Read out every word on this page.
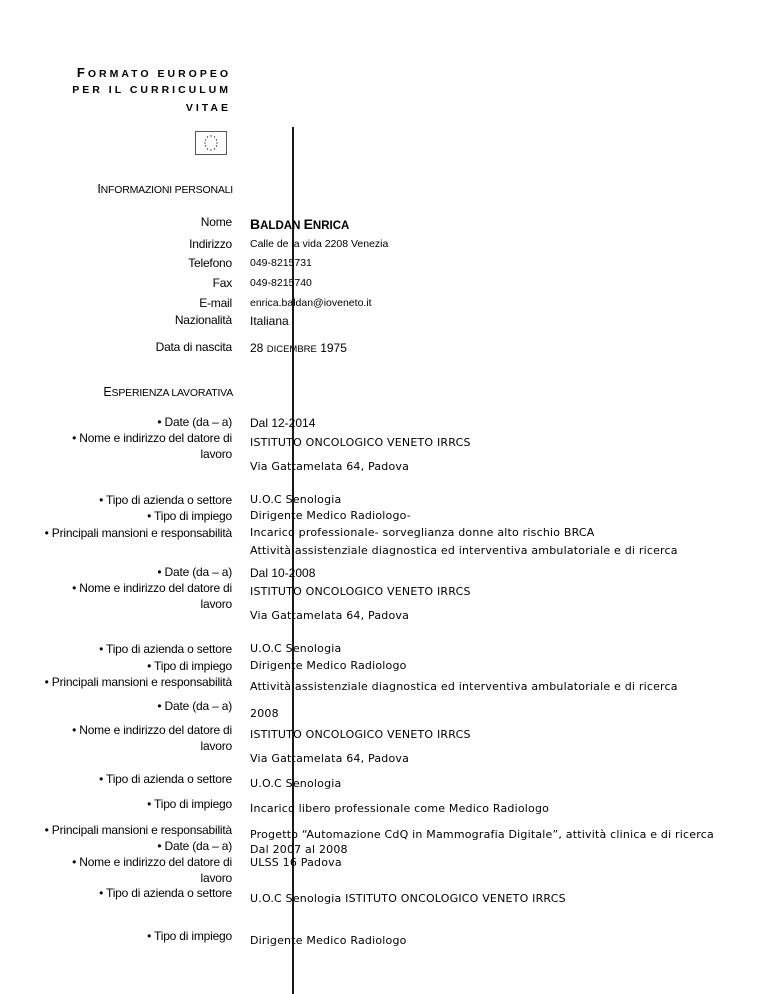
FORMATO EUROPEO
PER IL CURRICULUM
VITAE
INFORMAZIONI PERSONALI
Nome BALDAN ENRICA
Indirizzo Calle de la vida 2208 Venezia
Telefono 049-8215731
Fax 049-8215740
E-mail enrica.baldan@ioveneto.it
Nazionalità Italiana
Data di nascita 28 DICEMBRE 1975
ESPERIENZA LAVORATIVA
• Date (da – a) Dal 12-2014
• Nome e indirizzo del datore di lavoro
ISTITUTO ONCOLOGICO VENETO IRRCS
Via Gattamelata 64, Padova
• Tipo di azienda o settore U.O.C Senologia
• Tipo di impiego Dirigente Medico Radiologo-
• Principali mansioni e responsabilità Incarico professionale- sorveglianza donne alto rischio BRCA
Attività assistenziale diagnostica ed interventiva ambulatoriale e di ricerca
• Date (da – a) Dal 10-2008
• Nome e indirizzo del datore di lavoro
ISTITUTO ONCOLOGICO VENETO IRRCS
Via Gattamelata 64, Padova
• Tipo di azienda o settore U.O.C Senologia
• Tipo di impiego Dirigente Medico Radiologo
• Principali mansioni e responsabilità Attività assistenziale diagnostica ed interventiva ambulatoriale e di ricerca
• Date (da – a)
2008
• Nome e indirizzo del datore di lavoro
ISTITUTO ONCOLOGICO VENETO IRRCS
Via Gattamelata 64, Padova
• Tipo di azienda o settore U.O.C Senologia
• Tipo di impiego Incarico libero professionale come Medico Radiologo
• Principali mansioni e responsabilità Progetto “Automazione CdQ in Mammografia Digitale”, attività clinica e di ricerca
• Date (da – a) Dal 2007 al 2008
• Nome e indirizzo del datore di lavoro
ULSS 16 Padova
• Tipo di azienda o settore U.O.C Senologia ISTITUTO ONCOLOGICO VENETO IRRCS
• Tipo di impiego Dirigente Medico Radiologo
